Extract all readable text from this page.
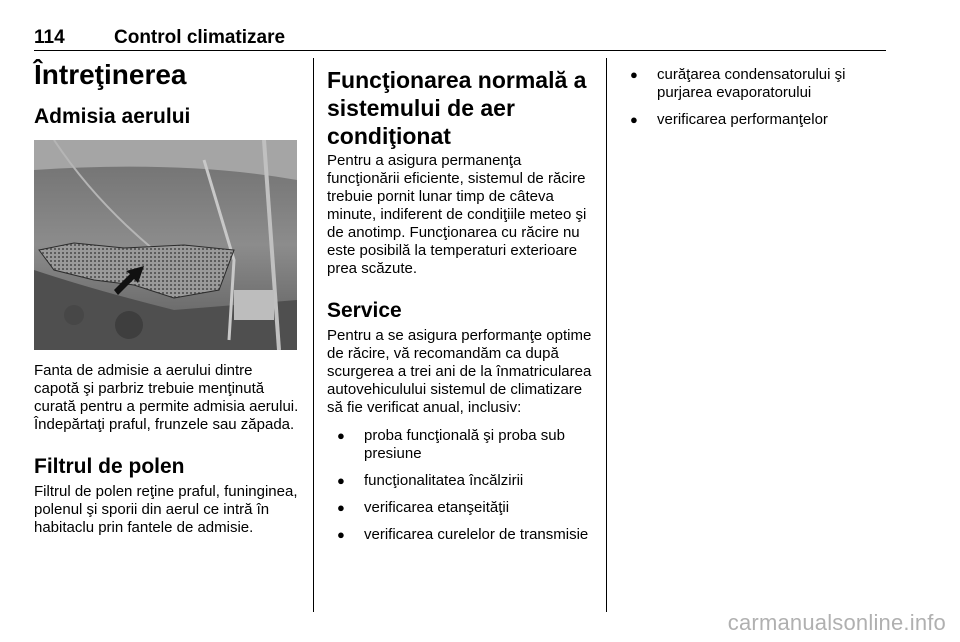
114	Control climatizare
Întreţinerea
Admisia aerului

Fanta de admisie a aerului dintre capotă şi parbriz trebuie menţinută curată pentru a permite admisia aerului. Îndepărtaţi praful, frunzele sau zăpada.

Filtrul de polen

Filtrul de polen reţine praful, funinginea, polenul şi sporii din aerul ce intră în habitaclu prin fantele de admisie.

Funcţionarea normală a sistemului de aer condiţionat

Pentru a asigura permanenţa funcţionării eficiente, sistemul de răcire trebuie pornit lunar timp de câteva minute, indiferent de condiţiile meteo şi de anotimp. Funcţionarea cu răcire nu este posibilă la temperaturi exterioare prea scăzute.

Service

Pentru a se asigura performanţe optime de răcire, vă recomandăm ca după scurgerea a trei ani de la înmatricularea autovehiculului sistemul de climatizare să fie verificat anual, inclusiv:

● proba funcţională şi proba sub presiune
● funcţionalitatea încălzirii
● verificarea etanşeităţii
● verificarea curelelor de transmisie
● curăţarea condensatorului şi purjarea evaporatorului
● verificarea performanţelor
carmanualsonline.info
